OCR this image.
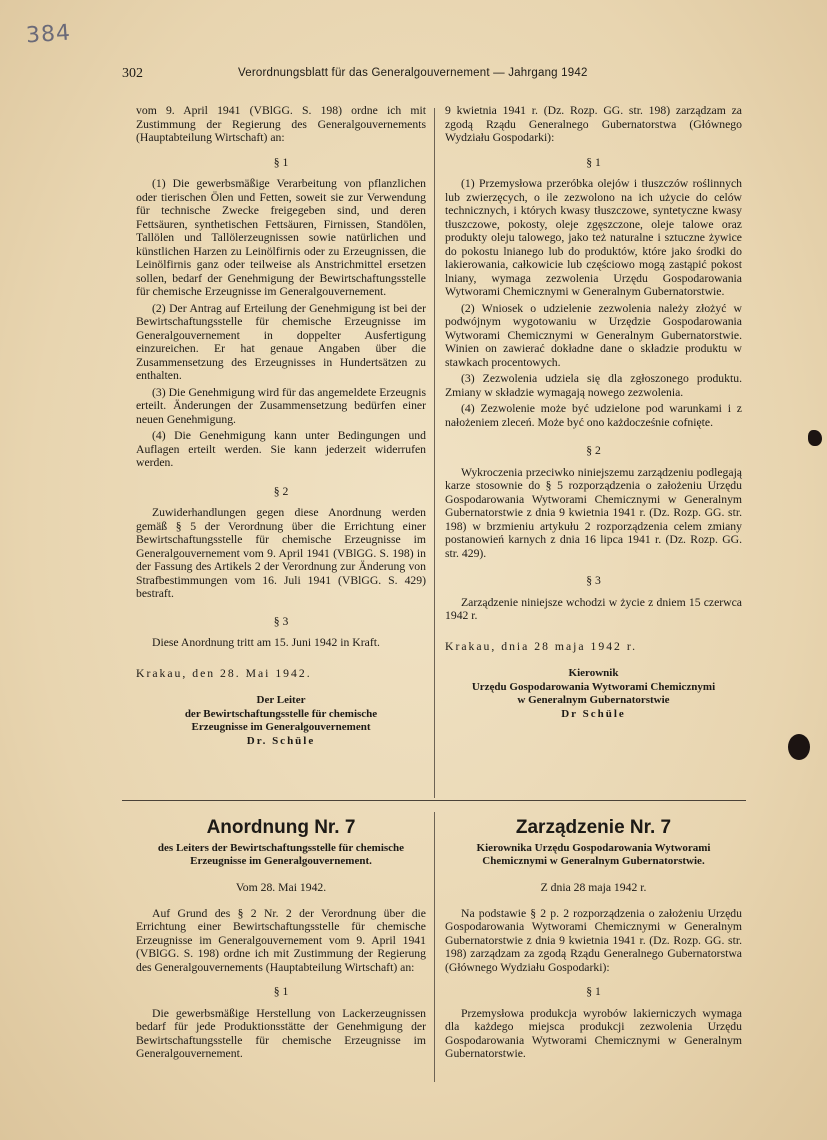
384
302	Verordnungsblatt für das Generalgouvernement — Jahrgang 1942

vom 9. April 1941 (VBlGG. S. 198) ordne ich mit Zustimmung der Regierung des Generalgouvernements (Hauptabteilung Wirtschaft) an:

§ 1

(1) Die gewerbsmäßige Verarbeitung von pflanzlichen oder tierischen Ölen und Fetten, soweit sie zur Verwendung für technische Zwecke freigegeben sind, und deren Fettsäuren, synthetischen Fettsäuren, Firnissen, Standölen, Tallölen und Tallölerzeugnissen sowie natürlichen und künstlichen Harzen zu Leinölfirnis oder zu Erzeugnissen, die Leinölfirnis ganz oder teilweise als Anstrichmittel ersetzen sollen, bedarf der Genehmigung der Bewirtschaftungsstelle für chemische Erzeugnisse im Generalgouvernement.

(2) Der Antrag auf Erteilung der Genehmigung ist bei der Bewirtschaftungsstelle für chemische Erzeugnisse im Generalgouvernement in doppelter Ausfertigung einzureichen. Er hat genaue Angaben über die Zusammensetzung des Erzeugnisses in Hundertsätzen zu enthalten.

(3) Die Genehmigung wird für das angemeldete Erzeugnis erteilt. Änderungen der Zusammensetzung bedürfen einer neuen Genehmigung.

(4) Die Genehmigung kann unter Bedingungen und Auflagen erteilt werden. Sie kann jederzeit widerrufen werden.

§ 2

Zuwiderhandlungen gegen diese Anordnung werden gemäß § 5 der Verordnung über die Errichtung einer Bewirtschaftungsstelle für chemische Erzeugnisse im Generalgouvernement vom 9. April 1941 (VBlGG. S. 198) in der Fassung des Artikels 2 der Verordnung zur Änderung von Strafbestimmungen vom 16. Juli 1941 (VBlGG. S. 429) bestraft.

§ 3

Diese Anordnung tritt am 15. Juni 1942 in Kraft.

Krakau, den 28. Mai 1942.

Der Leiter
der Bewirtschaftungsstelle für chemische
Erzeugnisse im Generalgouvernement
Dr. Schüle

9 kwietnia 1941 r. (Dz. Rozp. GG. str. 198) zarządzam za zgodą Rządu Generalnego Gubernatorstwa (Głównego Wydziału Gospodarki):

§ 1

(1) Przemysłowa przeróbka olejów i tłuszczów roślinnych lub zwierzęcych, o ile zezwolono na ich użycie do celów technicznych, i których kwasy tłuszczowe, syntetyczne kwasy tłuszczowe, pokosty, oleje zgęszczone, oleje talowe oraz produkty oleju talowego, jako też naturalne i sztuczne żywice do pokostu lnianego lub do produktów, które jako środki do lakierowania, całkowicie lub częściowo mogą zastąpić pokost lniany, wymaga zezwolenia Urzędu Gospodarowania Wytworami Chemicznymi w Generalnym Gubernatorstwie.

(2) Wniosek o udzielenie zezwolenia należy złożyć w podwójnym wygotowaniu w Urzędzie Gospodarowania Wytworami Chemicznymi w Generalnym Gubernatorstwie. Winien on zawierać dokładne dane o składzie produktu w stawkach procentowych.

(3) Zezwolenia udziela się dla zgłoszonego produktu. Zmiany w składzie wymagają nowego zezwolenia.

(4) Zezwolenie może być udzielone pod warunkami i z nałożeniem zleceń. Może być ono każdocześnie cofnięte.

§ 2

Wykroczenia przeciwko niniejszemu zarządzeniu podlegają karze stosownie do § 5 rozporządzenia o założeniu Urzędu Gospodarowania Wytworami Chemicznymi w Generalnym Gubernatorstwie z dnia 9 kwietnia 1941 r. (Dz. Rozp. GG. str. 198) w brzmieniu artykułu 2 rozporządzenia celem zmiany postanowień karnych z dnia 16 lipca 1941 r. (Dz. Rozp. GG. str. 429).

§ 3

Zarządzenie niniejsze wchodzi w życie z dniem 15 czerwca 1942 r.

Krakau, dnia 28 maja 1942 r.

Kierownik
Urzędu Gospodarowania Wytworami Chemicznymi
w Generalnym Gubernatorstwie
Dr Schüle
Anordnung Nr. 7
des Leiters der Bewirtschaftungsstelle für chemische Erzeugnisse im Generalgouvernement.
Vom 28. Mai 1942.

Auf Grund des § 2 Nr. 2 der Verordnung über die Errichtung einer Bewirtschaftungsstelle für chemische Erzeugnisse im Generalgouvernement vom 9. April 1941 (VBlGG. S. 198) ordne ich mit Zustimmung der Regierung des Generalgouvernements (Hauptabteilung Wirtschaft) an:

§ 1

Die gewerbsmäßige Herstellung von Lackerzeugnissen bedarf für jede Produktionsstätte der Genehmigung der Bewirtschaftungsstelle für chemische Erzeugnisse im Generalgouvernement.

Zarządzenie Nr. 7
Kierownika Urzędu Gospodarowania Wytworami Chemicznymi w Generalnym Gubernatorstwie.
Z dnia 28 maja 1942 r.

Na podstawie § 2 p. 2 rozporządzenia o założeniu Urzędu Gospodarowania Wytworami Chemicznymi w Generalnym Gubernatorstwie z dnia 9 kwietnia 1941 r. (Dz. Rozp. GG. str. 198) zarządzam za zgodą Rządu Generalnego Gubernatorstwa (Głównego Wydziału Gospodarki):

§ 1

Przemysłowa produkcja wyrobów lakierniczych wymaga dla każdego miejsca produkcji zezwolenia Urzędu Gospodarowania Wytworami Chemicznymi w Generalnym Gubernatorstwie.
